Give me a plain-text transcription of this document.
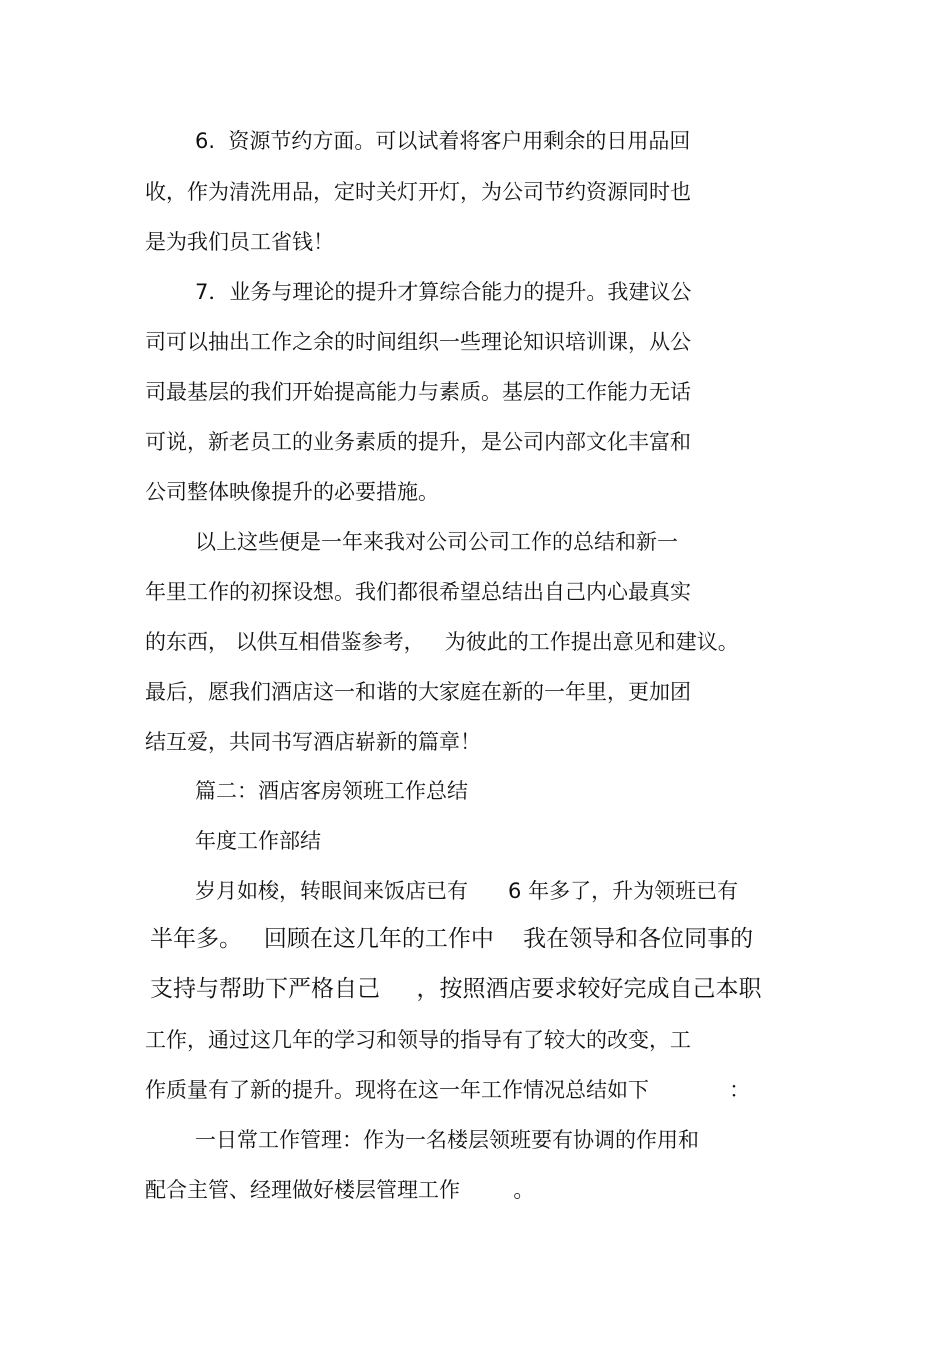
6.  资源节约方面。可以试着将客户用剩余的日用品回
收，作为清洗用品，定时关灯开灯，为公司节约资源同时也
是为我们员工省钱！
7．业务与理论的提升才算综合能力的提升。我建议公
司可以抽出工作之余的时间组织一些理论知识培训课，从公
司最基层的我们开始提高能力与素质。基层的工作能力无话
可说，新老员工的业务素质的提升，是公司内部文化丰富和
公司整体映像提升的必要措施。
以上这些便是一年来我对公司公司工作的总结和新一
年里工作的初探设想。我们都很希望总结出自己内心最真实
的东西， 以供互相借鉴参考，   为彼此的工作提出意见和建议。
最后，愿我们酒店这一和谐的大家庭在新的一年里，更加团
结互爱，共同书写酒店崭新的篇章！
篇二：酒店客房领班工作总结
年度工作部结
岁月如梭，转眼间来饭店已有      6 年多了，升为领班已有
半年多。   回顾在这几年的工作中    我在领导和各位同事的
支持与帮助下严格自己     ，按照酒店要求较好完成自己本职
工作，通过这几年的学习和领导的指导有了较大的改变，工
作质量有了新的提升。现将在这一年工作情况总结如下            ：
一日常工作管理：作为一名楼层领班要有协调的作用和
配合主管、经理做好楼层管理工作        。
